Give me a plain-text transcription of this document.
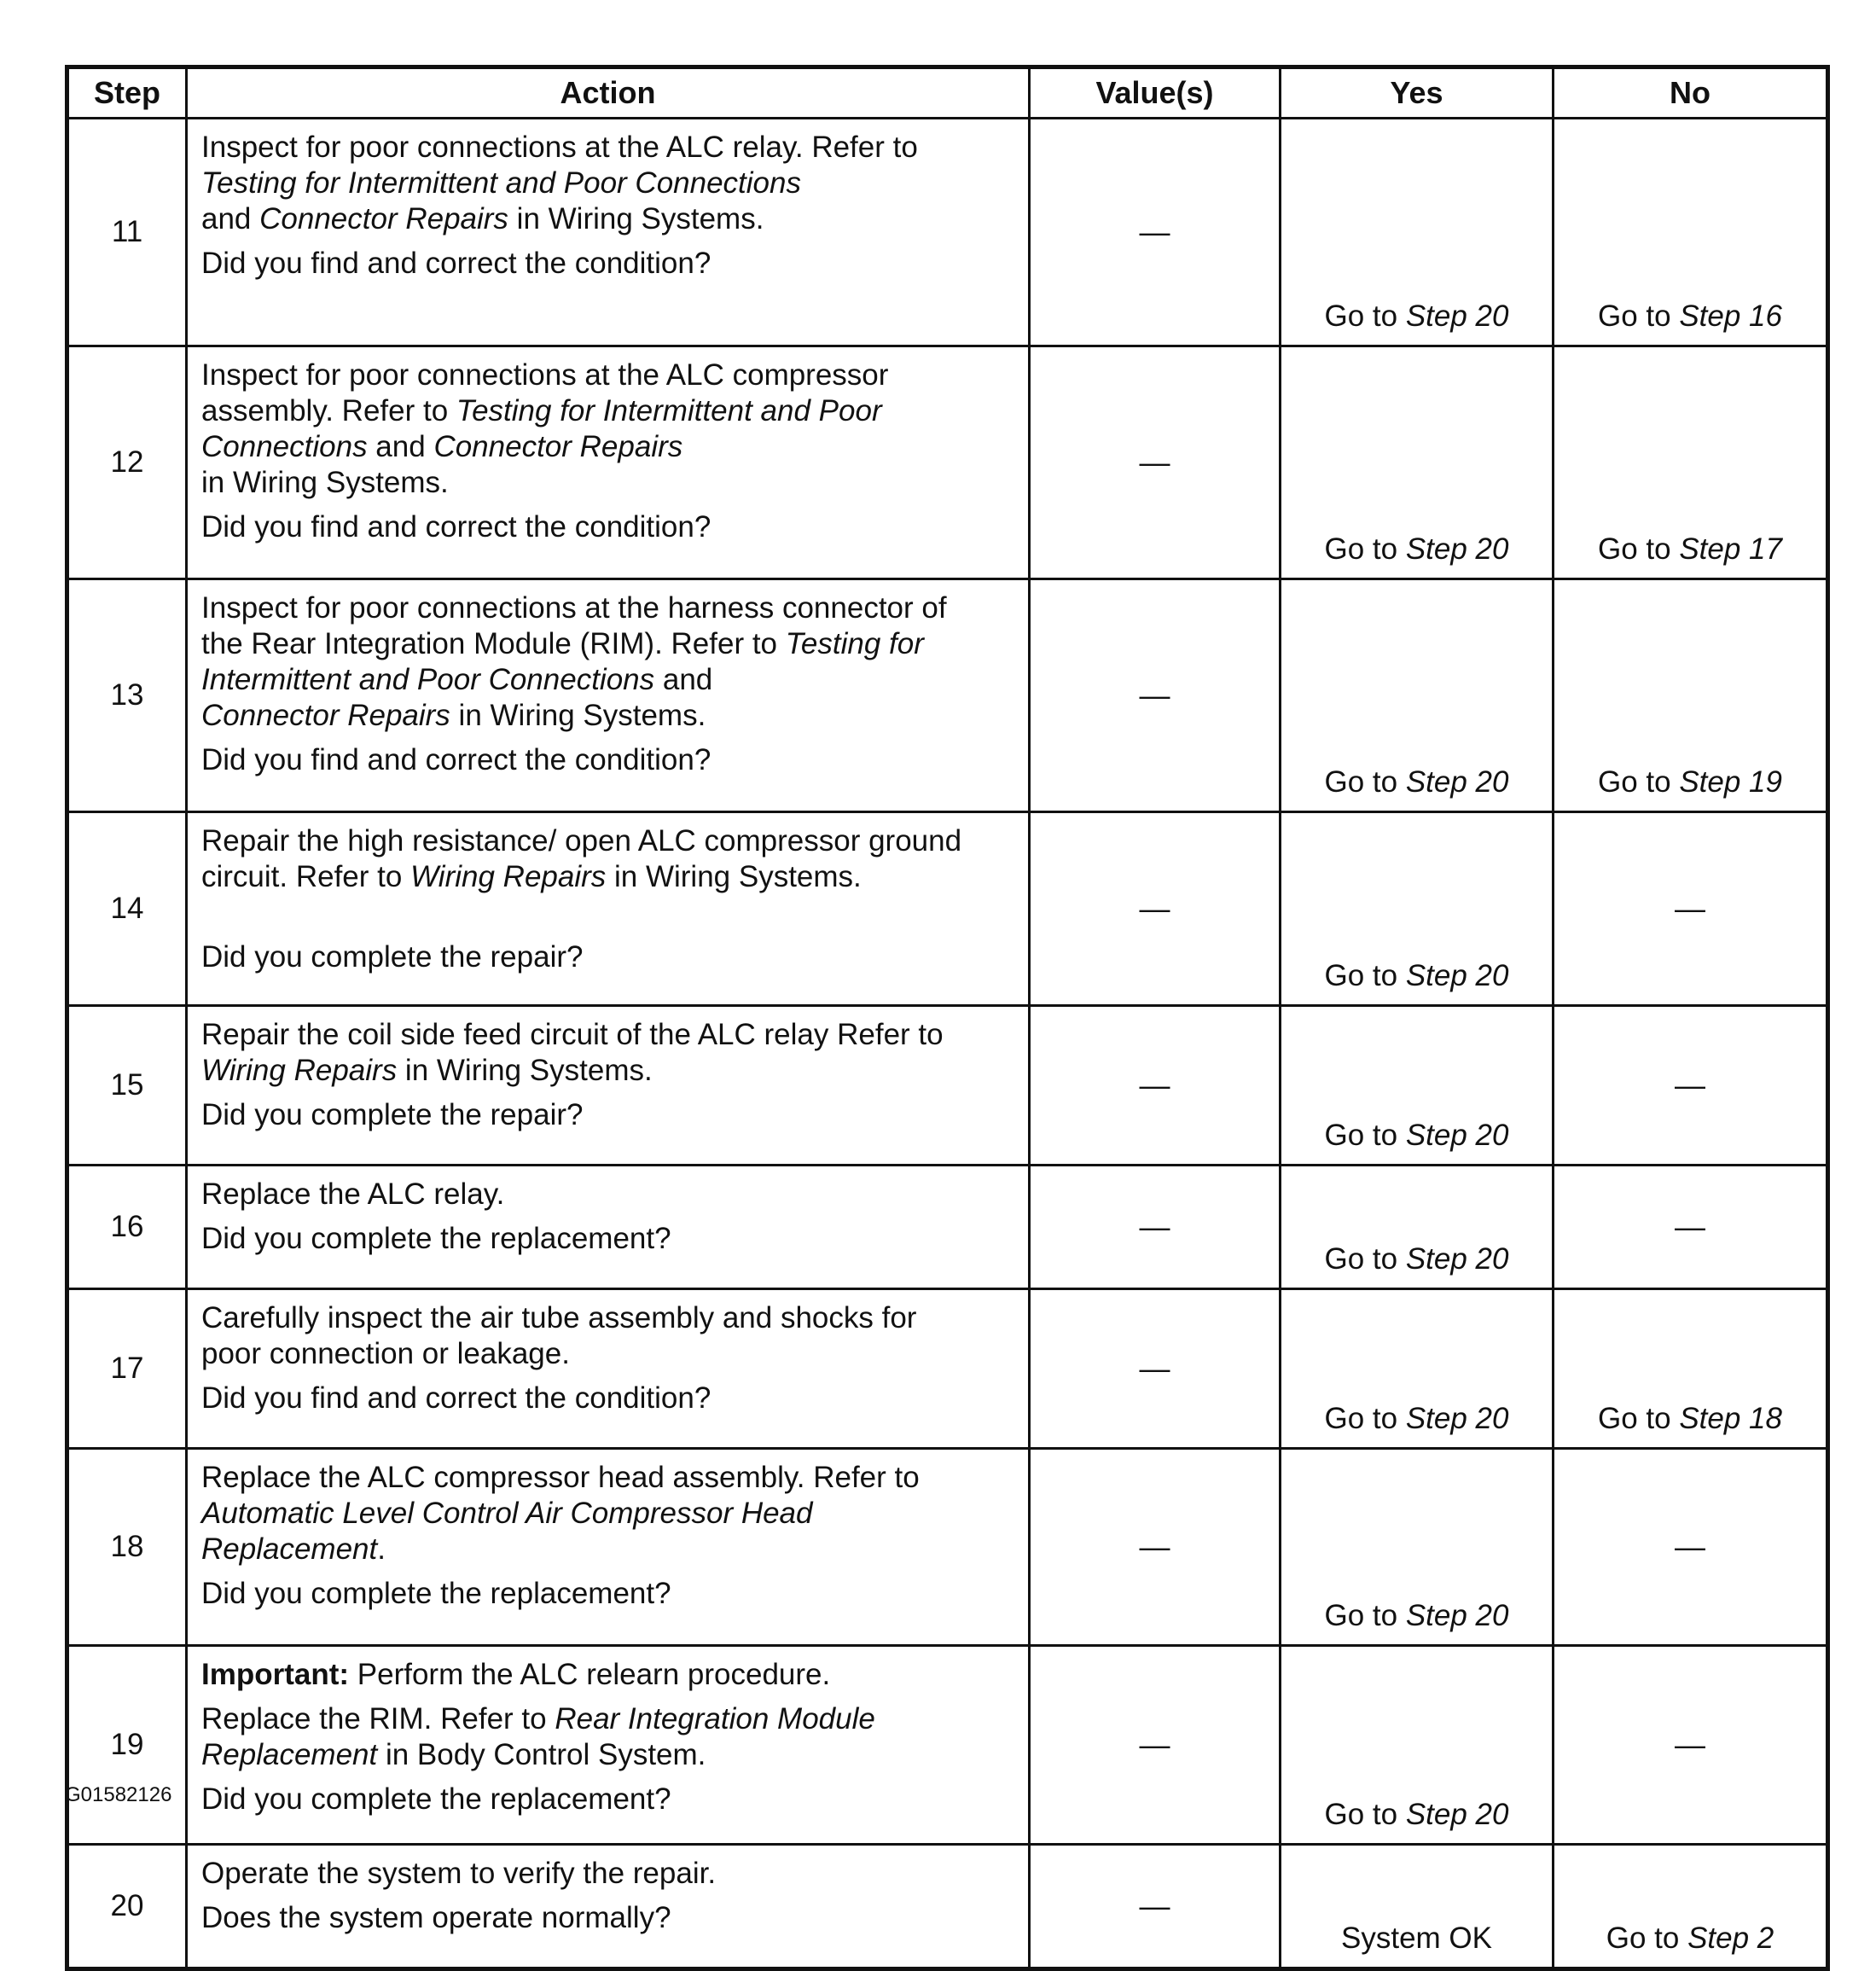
Step	Action	Value(s)	Yes	No
11	Inspect for poor connections at the ALC relay. Refer to
Testing for Intermittent and Poor Connections
and Connector Repairs in Wiring Systems.
Did you find and correct the condition?	—	Go to Step 20	Go to Step 16
12	Inspect for poor connections at the ALC compressor
assembly. Refer to Testing for Intermittent and Poor
Connections and Connector Repairs
in Wiring Systems.
Did you find and correct the condition?	—	Go to Step 20	Go to Step 17
13	Inspect for poor connections at the harness connector of
the Rear Integration Module (RIM). Refer to Testing for
Intermittent and Poor Connections and
Connector Repairs in Wiring Systems.
Did you find and correct the condition?	—	Go to Step 20	Go to Step 19
14	Repair the high resistance/ open ALC compressor ground
circuit. Refer to Wiring Repairs in Wiring Systems.
Did you complete the repair?	—	Go to Step 20	—
15	Repair the coil side feed circuit of the ALC relay Refer to
Wiring Repairs in Wiring Systems.
Did you complete the repair?	—	Go to Step 20	—
16	Replace the ALC relay.
Did you complete the replacement?	—	Go to Step 20	—
17	Carefully inspect the air tube assembly and shocks for
poor connection or leakage.
Did you find and correct the condition?	—	Go to Step 20	Go to Step 18
18	Replace the ALC compressor head assembly. Refer to
Automatic Level Control Air Compressor Head
Replacement.
Did you complete the replacement?	—	Go to Step 20	—
19	Important: Perform the ALC relearn procedure.
Replace the RIM. Refer to Rear Integration Module
Replacement in Body Control System.
Did you complete the replacement?	—	Go to Step 20	—
20	Operate the system to verify the repair.
Does the system operate normally?	—	System OK	Go to Step 2
G01582126
